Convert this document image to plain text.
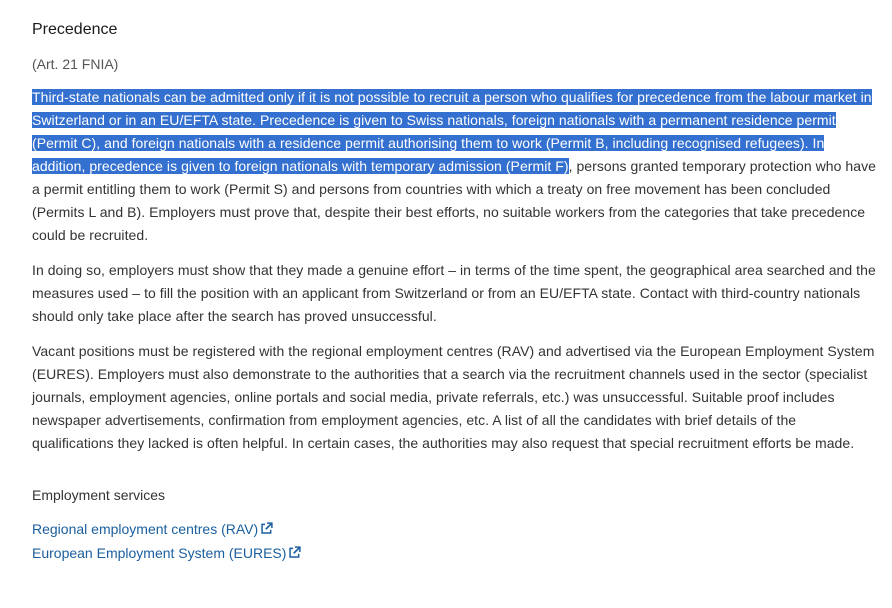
Precedence
(Art. 21 FNIA)

Third-state nationals can be admitted only if it is not possible to recruit a person who qualifies for precedence from the labour market in Switzerland or in an EU/EFTA state. Precedence is given to Swiss nationals, foreign nationals with a permanent residence permit (Permit C), and foreign nationals with a residence permit authorising them to work (Permit B, including recognised refugees). In addition, precedence is given to foreign nationals with temporary admission (Permit F), persons granted temporary protection who have a permit entitling them to work (Permit S) and persons from countries with which a treaty on free movement has been concluded (Permits L and B). Employers must prove that, despite their best efforts, no suitable workers from the categories that take precedence could be recruited.

In doing so, employers must show that they made a genuine effort – in terms of the time spent, the geographical area searched and the measures used – to fill the position with an applicant from Switzerland or from an EU/EFTA state. Contact with third-country nationals should only take place after the search has proved unsuccessful.

Vacant positions must be registered with the regional employment centres (RAV) and advertised via the European Employment System (EURES). Employers must also demonstrate to the authorities that a search via the recruitment channels used in the sector (specialist journals, employment agencies, online portals and social media, private referrals, etc.) was unsuccessful. Suitable proof includes newspaper advertisements, confirmation from employment agencies, etc. A list of all the candidates with brief details of the qualifications they lacked is often helpful. In certain cases, the authorities may also request that special recruitment efforts be made.

Employment services
Regional employment centres (RAV)
European Employment System (EURES)
